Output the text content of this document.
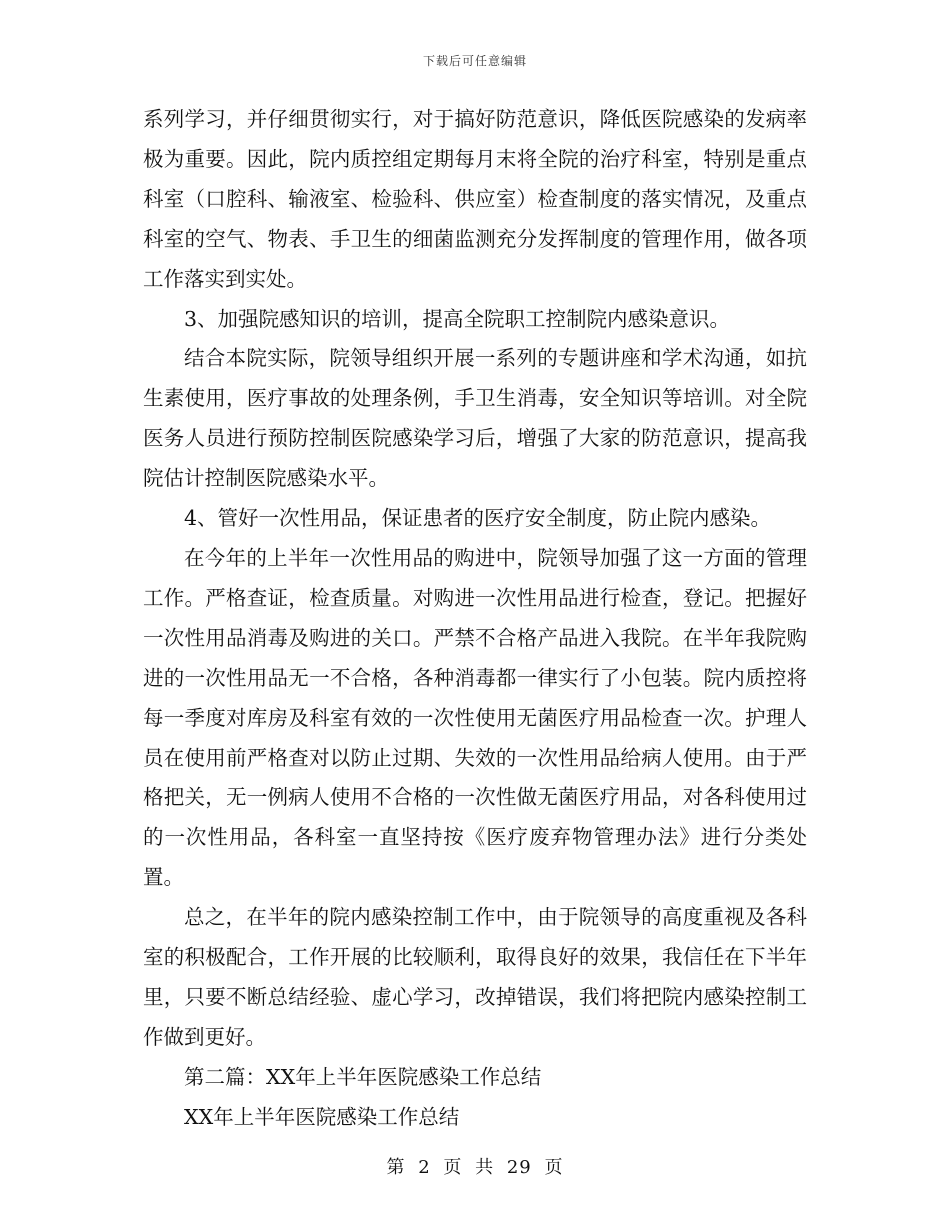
下载后可任意编辑

系列学习，并仔细贯彻实行，对于搞好防范意识，降低医院感染的发病率极为重要。因此，院内质控组定期每月末将全院的治疗科室，特别是重点科室（口腔科、输液室、检验科、供应室）检查制度的落实情况，及重点科室的空气、物表、手卫生的细菌监测充分发挥制度的管理作用，做各项工作落实到实处。

3、加强院感知识的培训，提高全院职工控制院内感染意识。

结合本院实际，院领导组织开展一系列的专题讲座和学术沟通，如抗生素使用，医疗事故的处理条例，手卫生消毒，安全知识等培训。对全院医务人员进行预防控制医院感染学习后，增强了大家的防范意识，提高我院估计控制医院感染水平。

4、管好一次性用品，保证患者的医疗安全制度，防止院内感染。

在今年的上半年一次性用品的购进中，院领导加强了这一方面的管理工作。严格查证，检查质量。对购进一次性用品进行检查，登记。把握好一次性用品消毒及购进的关口。严禁不合格产品进入我院。在半年我院购进的一次性用品无一不合格，各种消毒都一律实行了小包装。院内质控将每一季度对库房及科室有效的一次性使用无菌医疗用品检查一次。护理人员在使用前严格查对以防止过期、失效的一次性用品给病人使用。由于严格把关，无一例病人使用不合格的一次性做无菌医疗用品，对各科使用过的一次性用品，各科室一直坚持按《医疗废弃物管理办法》进行分类处置。

总之，在半年的院内感染控制工作中，由于院领导的高度重视及各科室的积极配合，工作开展的比较顺利，取得良好的效果，我信任在下半年里，只要不断总结经验、虚心学习，改掉错误，我们将把院内感染控制工作做到更好。

第二篇：XX年上半年医院感染工作总结

XX年上半年医院感染工作总结

第 2 页 共 29 页
